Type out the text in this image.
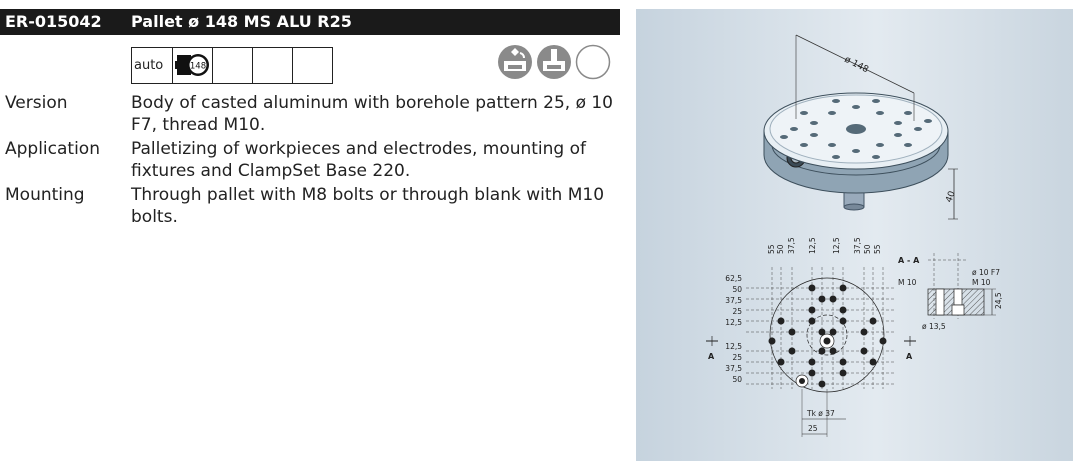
ER-015042 Pallet ø 148 MS ALU R25
auto	148
Version	Body of casted aluminum with borehole pattern 25, ø 10 F7, thread M10.
Application Palletizing of workpieces and electrodes, mounting of fixtures and ClampSet Base 220.
Mounting	Through pallet with M8 bolts or through blank with M10 bolts.
ø 148
40
A	A
55 50 37,5 12,5 12,5 37,5 50 55
62,5
50
37,5
25
12,5
12,5
25
37,5
50
Tk ø 37
25
A - A
ø 10 F7
M 10	M 10
ø 13,5
24,5
